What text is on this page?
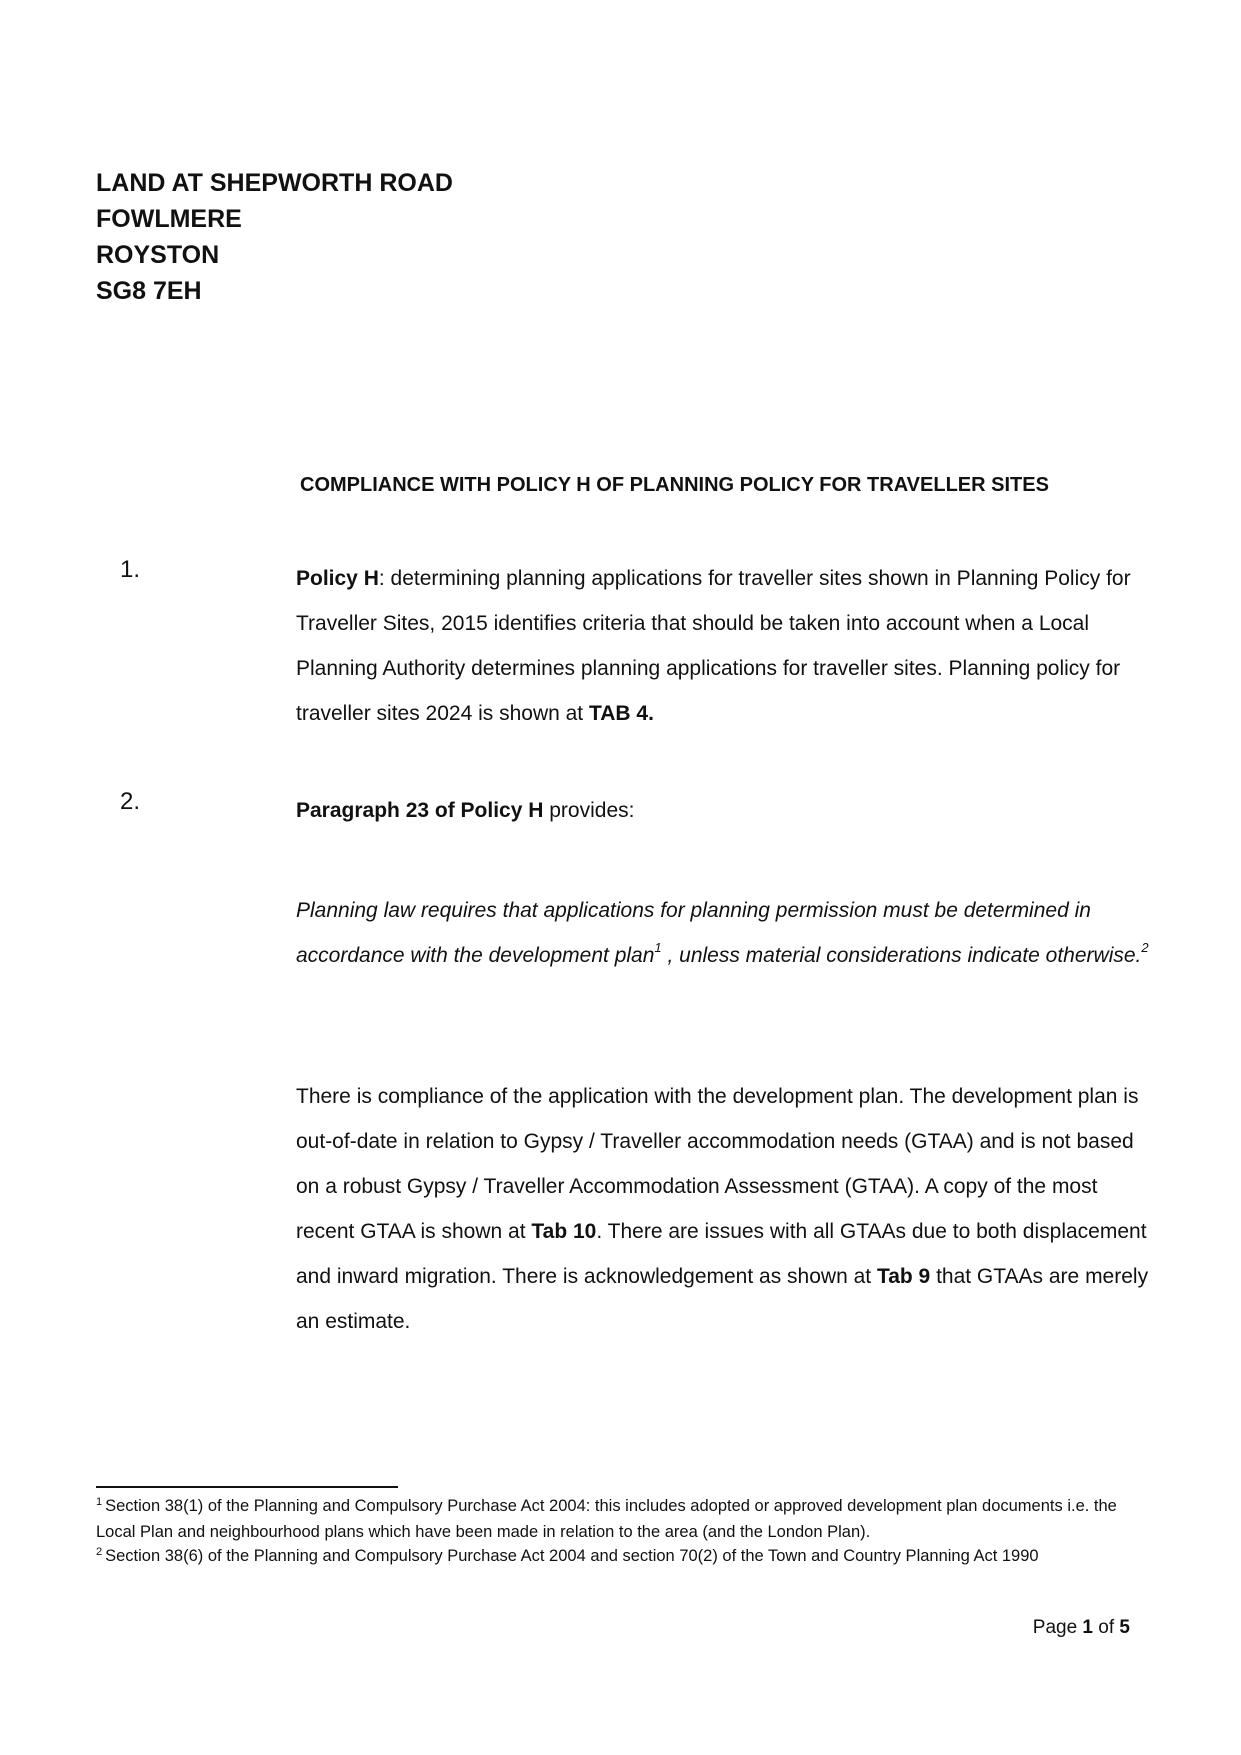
LAND AT SHEPWORTH ROAD
FOWLMERE
ROYSTON
SG8 7EH
COMPLIANCE WITH POLICY H OF PLANNING POLICY FOR TRAVELLER SITES
1.	Policy H: determining planning applications for traveller sites shown in Planning Policy for Traveller Sites, 2015 identifies criteria that should be taken into account when a Local Planning Authority determines planning applications for traveller sites. Planning policy for traveller sites 2024 is shown at TAB 4.
2.	Paragraph 23 of Policy H provides:
Planning law requires that applications for planning permission must be determined in accordance with the development plan$^1$ , unless material considerations indicate otherwise.$^2$
There is compliance of the application with the development plan. The development plan is out-of-date in relation to Gypsy / Traveller accommodation needs (GTAA) and is not based on a robust Gypsy / Traveller Accommodation Assessment (GTAA). A copy of the most recent GTAA is shown at Tab 10. There are issues with all GTAAs due to both displacement and inward migration. There is acknowledgement as shown at Tab 9 that GTAAs are merely an estimate.
$^1$ Section 38(1) of the Planning and Compulsory Purchase Act 2004: this includes adopted or approved development plan documents i.e. the Local Plan and neighbourhood plans which have been made in relation to the area (and the London Plan).
$^2$ Section 38(6) of the Planning and Compulsory Purchase Act 2004 and section 70(2) of the Town and Country Planning Act 1990
Page 1 of 5
